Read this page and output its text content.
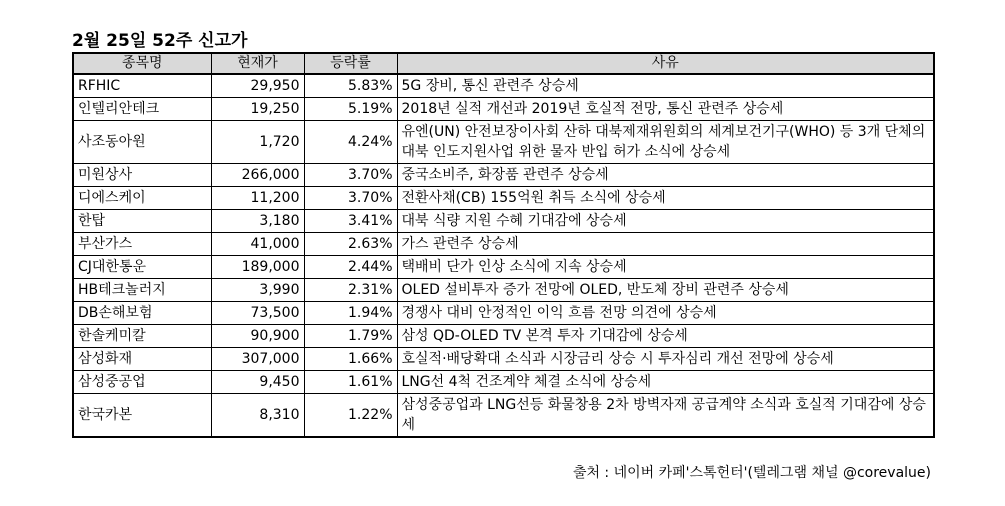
2월 25일 52주 신고가
종목명	현재가	등락률	사유
RFHIC	29,950	5.83%	5G 장비, 통신 관련주 상승세
인텔리안테크	19,250	5.19%	2018년 실적 개선과 2019년 호실적 전망, 통신 관련주 상승세
사조동아원	1,720	4.24%	유엔(UN) 안전보장이사회 산하 대북제재위원회의 세계보건기구(WHO) 등 3개 단체의 대북 인도지원사업 위한 물자 반입 허가 소식에 상승세
미원상사	266,000	3.70%	중국소비주, 화장품 관련주 상승세
디에스케이	11,200	3.70%	전환사채(CB) 155억원 취득 소식에 상승세
한탑	3,180	3.41%	대북 식량 지원 수혜 기대감에 상승세
부산가스	41,000	2.63%	가스 관련주 상승세
CJ대한통운	189,000	2.44%	택배비 단가 인상 소식에 지속 상승세
HB테크놀러지	3,990	2.31%	OLED 설비투자 증가 전망에 OLED, 반도체 장비 관련주 상승세
DB손해보험	73,500	1.94%	경쟁사 대비 안정적인 이익 흐름 전망 의견에 상승세
한솔케미칼	90,900	1.79%	삼성 QD-OLED TV 본격 투자 기대감에 상승세
삼성화재	307,000	1.66%	호실적·배당확대 소식과 시장금리 상승 시 투자심리 개선 전망에 상승세
삼성중공업	9,450	1.61%	LNG선 4척 건조계약 체결 소식에 상승세
한국카본	8,310	1.22%	삼성중공업과 LNG선등 화물창용 2차 방벽자재 공급계약 소식과 호실적 기대감에 상승세
출처 : 네이버 카페'스톡헌터'(텔레그램 채널 @corevalue)
